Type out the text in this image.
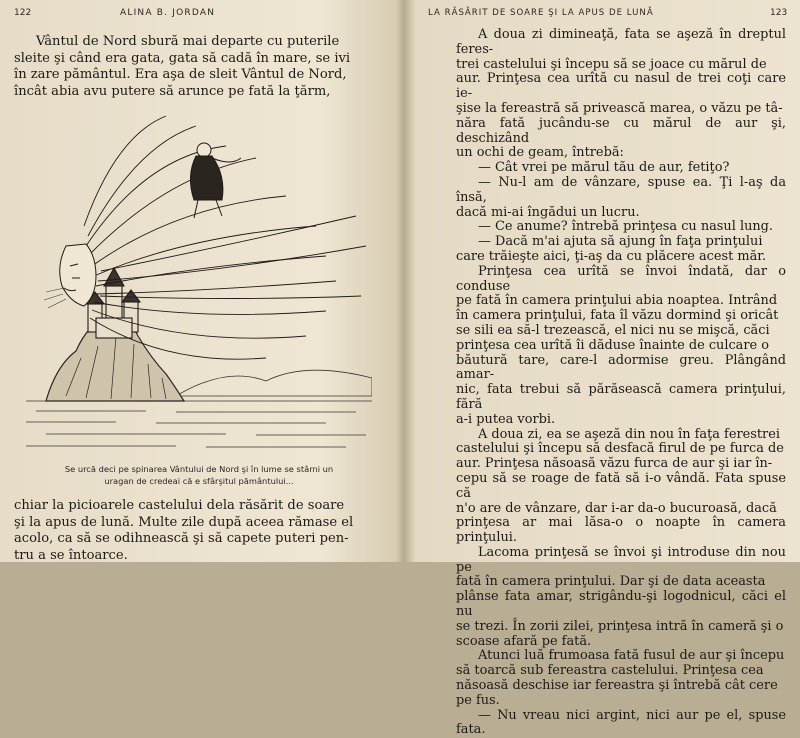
122	ALINA B. JORDAN

Vântul de Nord sbură mai departe cu puterile

sleite şi când era gata, gata să cadă în mare, se ivi

în zare pământul. Era aşa de sleit Vântul de Nord,

încât abia avu putere să arunce pe fată la ţărm,

Se urcă deci pe spinarea Vântului de Nord şi în lume se stârni un
uragan de credeai că e sfârşitul pământului...

chiar la picioarele castelului dela răsărit de soare

şi la apus de lună. Multe zile după aceea rămase el

acolo, ca să se odihnească şi să capete puteri pen-

tru a se întoarce.

LA RĂSĂRIT DE SOARE ŞI LA APUS DE LUNĂ	123

A doua zi dimineaţă, fata se aşeză în dreptul feres-

trei castelului şi începu să se joace cu mărul de

aur. Prinţesa cea urîtă cu nasul de trei coţi care ie-

şise la fereastră să privească marea, o văzu pe tâ-

năra fată jucându-se cu mărul de aur şi, deschizând

un ochi de geam, întrebă:

— Cât vrei pe mărul tău de aur, fetiţo?

— Nu-l am de vânzare, spuse ea. Ţi l-aş da însă,

dacă mi-ai îngădui un lucru.

— Ce anume? întrebă prinţesa cu nasul lung.

— Dacă m'ai ajuta să ajung în faţa prinţului

care trăieşte aici, ţi-aş da cu plăcere acest măr.

Prinţesa cea urîtă se învoi îndată, dar o conduse

pe fată în camera prinţului abia noaptea. Intrând

în camera prinţului, fata îl văzu dormind şi oricât

se sili ea să-l trezească, el nici nu se mişcă, căci

prinţesa cea urîtă îi dăduse înainte de culcare o

băutură tare, care-l adormise greu. Plângând amar-

nic, fata trebui să părăsească camera prinţului, fără

a-i putea vorbi.

A doua zi, ea se aşeză din nou în faţa ferestrei

castelului şi începu să desfacă firul de pe furca de

aur. Prinţesa năsoasă văzu furca de aur şi iar în-

cepu să se roage de fată să i-o vândă. Fata spuse că

n'o are de vânzare, dar i-ar da-o bucuroasă, dacă

prinţesa ar mai lăsa-o o noapte în camera prinţului.

Lacoma prinţesă se învoi şi introduse din nou pe

fată în camera prinţului. Dar şi de data aceasta

plânse fata amar, strigându-şi logodnicul, căci el nu

se trezi. În zorii zilei, prinţesa intră în cameră şi o

scoase afară pe fată.

Atunci luă frumoasa fată fusul de aur şi începu

să toarcă sub fereastra castelului. Prinţesa cea

năsoasă deschise iar fereastra şi întrebă cât cere

pe fus.

— Nu vreau nici argint, nici aur pe el, spuse fata.
